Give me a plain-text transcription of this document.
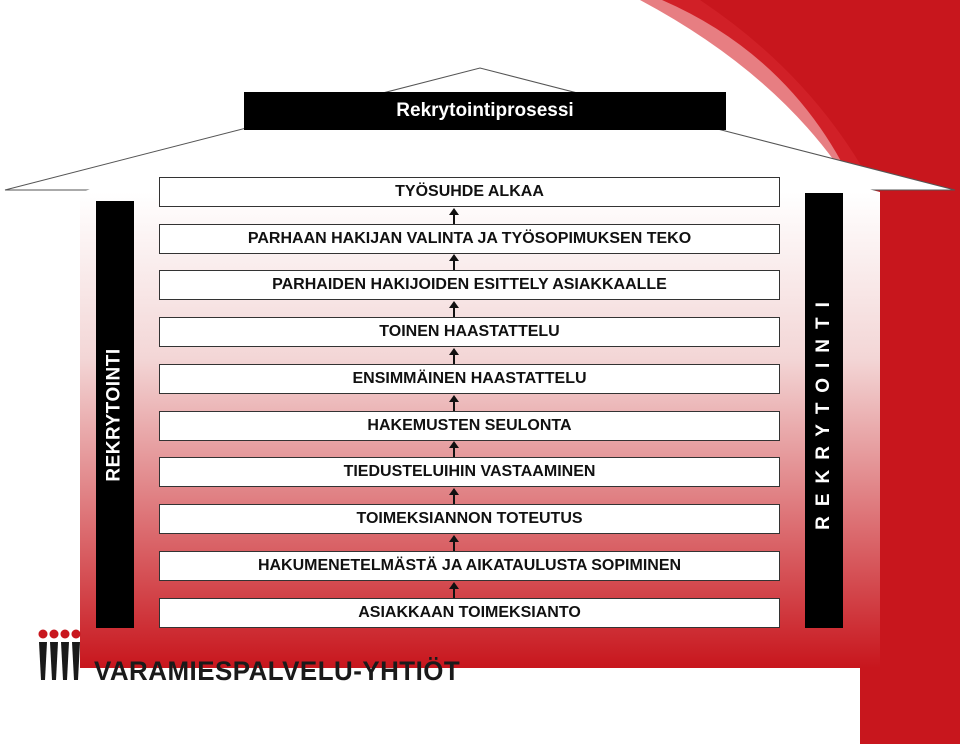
Rekrytointiprosessi
REKRYTOINTI	REKRYTOINTI
TYÖSUHDE ALKAA
PARHAAN HAKIJAN VALINTA JA TYÖSOPIMUKSEN TEKO
PARHAIDEN HAKIJOIDEN ESITTELY ASIAKKAALLE
TOINEN HAASTATTELU
ENSIMMÄINEN HAASTATTELU
HAKEMUSTEN SEULONTA
TIEDUSTELUIHIN VASTAAMINEN
TOIMEKSIANNON TOTEUTUS
HAKUMENETELMÄSTÄ JA AIKATAULUSTA SOPIMINEN
ASIAKKAAN TOIMEKSIANTO
VARAMIESPALVELU-YHTIÖT
